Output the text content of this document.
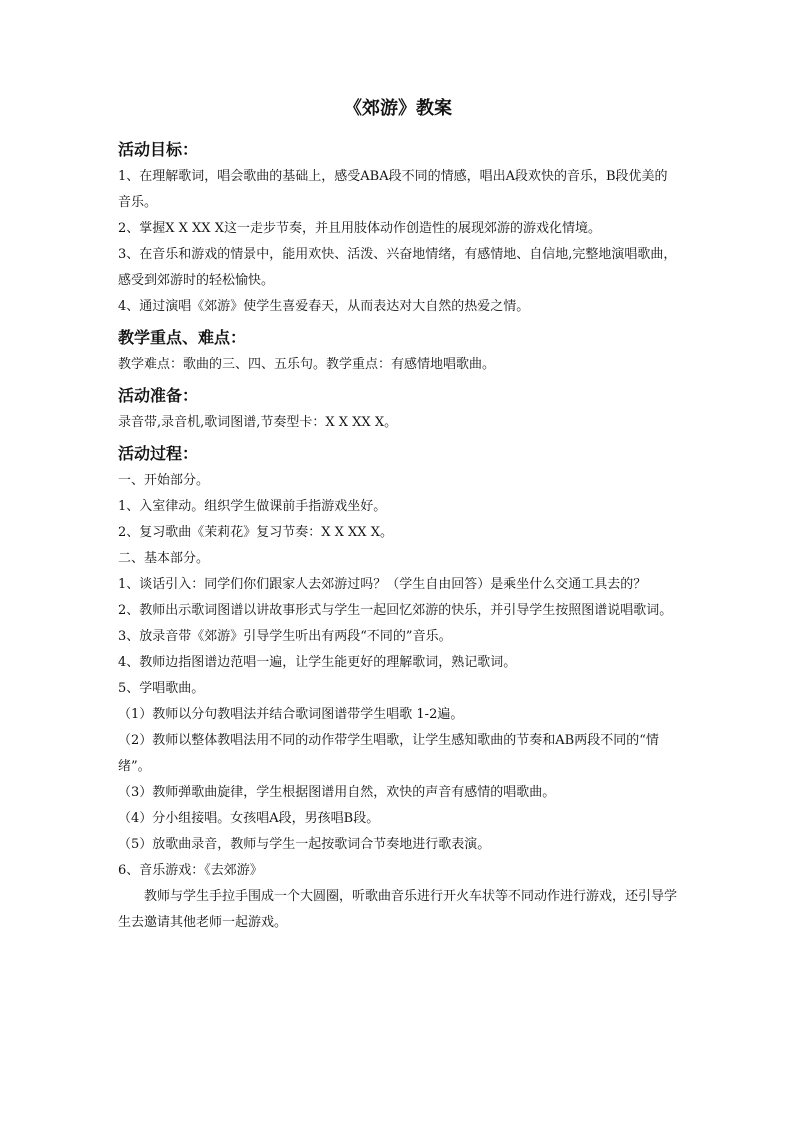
《郊游》教案
活动目标：

1、在理解歌词，唱会歌曲的基础上，感受ABA段不同的情感，唱出A段欢快的音乐，B段优美的音乐。

2、掌握X X XX X这一走步节奏，并且用肢体动作创造性的展现郊游的游戏化情境。

3、在音乐和游戏的情景中，能用欢快、活泼、兴奋地情绪，有感情地、自信地,完整地演唱歌曲，感受到郊游时的轻松愉快。

4、通过演唱《郊游》使学生喜爱春天，从而表达对大自然的热爱之情。

教学重点、难点：

教学难点：歌曲的三、四、五乐句。教学重点：有感情地唱歌曲。

活动准备：

录音带,录音机,歌词图谱,节奏型卡：X X XX X。

活动过程：

一、开始部分。

1、入室律动。组织学生做课前手指游戏坐好。

2、复习歌曲《茉莉花》复习节奏：X X XX X。

二、基本部分。

1、谈话引入：同学们你们跟家人去郊游过吗？（学生自由回答）是乘坐什么交通工具去的？

2、教师出示歌词图谱以讲故事形式与学生一起回忆郊游的快乐，并引导学生按照图谱说唱歌词。

3、放录音带《郊游》引导学生听出有两段“不同的”音乐。

4、教师边指图谱边范唱一遍，让学生能更好的理解歌词，熟记歌词。

5、学唱歌曲。

（1）教师以分句教唱法并结合歌词图谱带学生唱歌 1-2遍。

（2）教师以整体教唱法用不同的动作带学生唱歌，让学生感知歌曲的节奏和AB两段不同的“情绪”。

（3）教师弹歌曲旋律，学生根据图谱用自然，欢快的声音有感情的唱歌曲。

（4）分小组接唱。女孩唱A段，男孩唱B段。

（5）放歌曲录音，教师与学生一起按歌词合节奏地进行歌表演。

6、音乐游戏：《去郊游》

教师与学生手拉手围成一个大圆圈，听歌曲音乐进行开火车状等不同动作进行游戏，还引导学生去邀请其他老师一起游戏。
